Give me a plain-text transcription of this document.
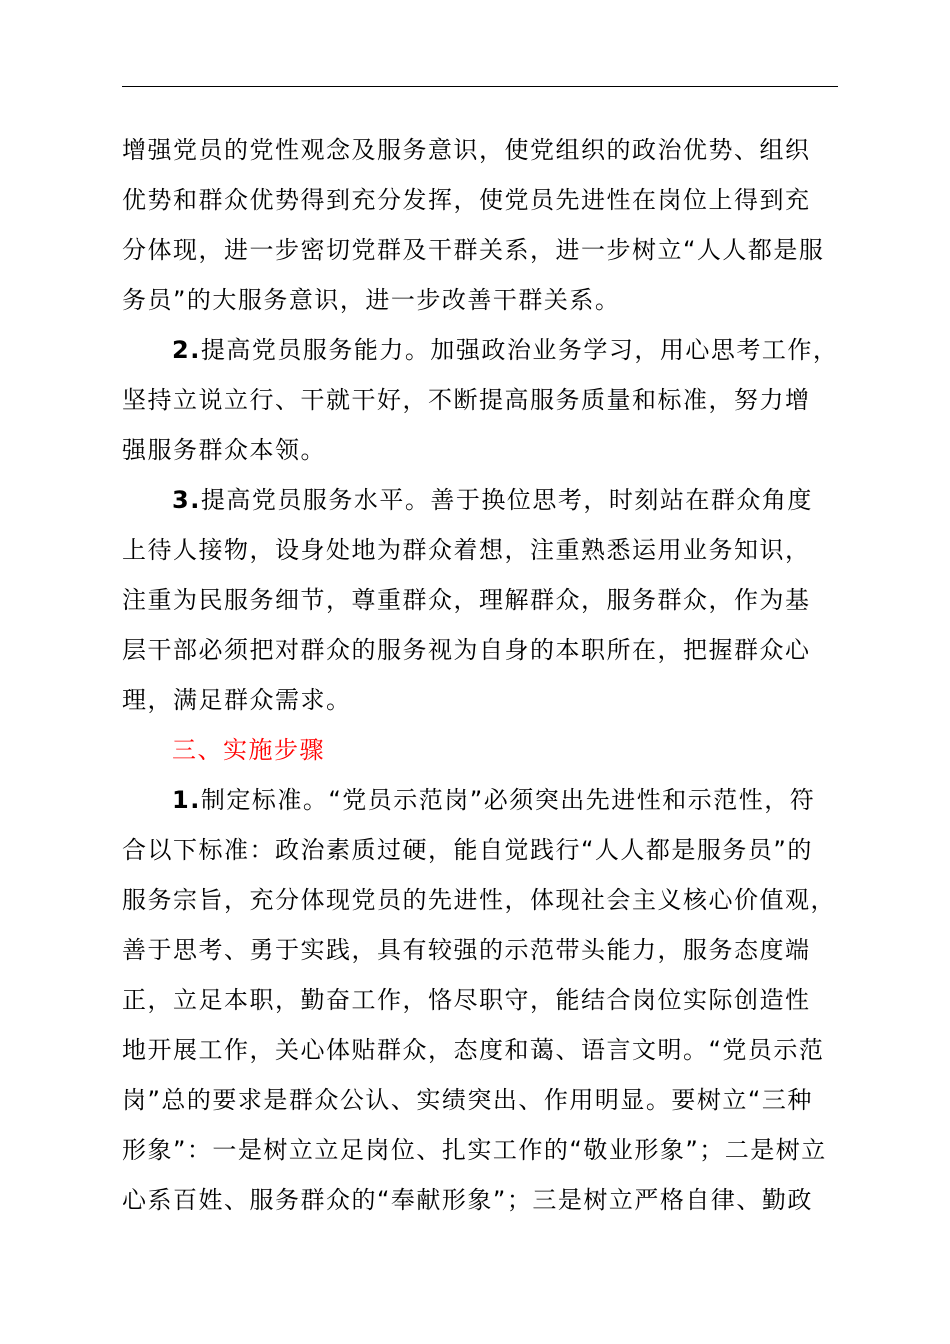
增强党员的党性观念及服务意识，使党组织的政治优势、组织
优势和群众优势得到充分发挥，使党员先进性在岗位上得到充
分体现，进一步密切党群及干群关系，进一步树立“人人都是服
务员”的大服务意识，进一步改善干群关系。
2.提高党员服务能力。加强政治业务学习，用心思考工作，
坚持立说立行、干就干好，不断提高服务质量和标准，努力增
强服务群众本领。
3.提高党员服务水平。善于换位思考，时刻站在群众角度
上待人接物，设身处地为群众着想，注重熟悉运用业务知识，
注重为民服务细节，尊重群众，理解群众，服务群众，作为基
层干部必须把对群众的服务视为自身的本职所在，把握群众心
理，满足群众需求。
三、实施步骤
1.制定标准。“党员示范岗”必须突出先进性和示范性，符
合以下标准：政治素质过硬，能自觉践行“人人都是服务员”的
服务宗旨，充分体现党员的先进性，体现社会主义核心价值观，
善于思考、勇于实践，具有较强的示范带头能力，服务态度端
正，立足本职，勤奋工作，恪尽职守，能结合岗位实际创造性
地开展工作，关心体贴群众，态度和蔼、语言文明。“党员示范
岗”总的要求是群众公认、实绩突出、作用明显。要树立“三种
形象”：一是树立立足岗位、扎实工作的“敬业形象”；二是树立
心系百姓、服务群众的“奉献形象”；三是树立严格自律、勤政
